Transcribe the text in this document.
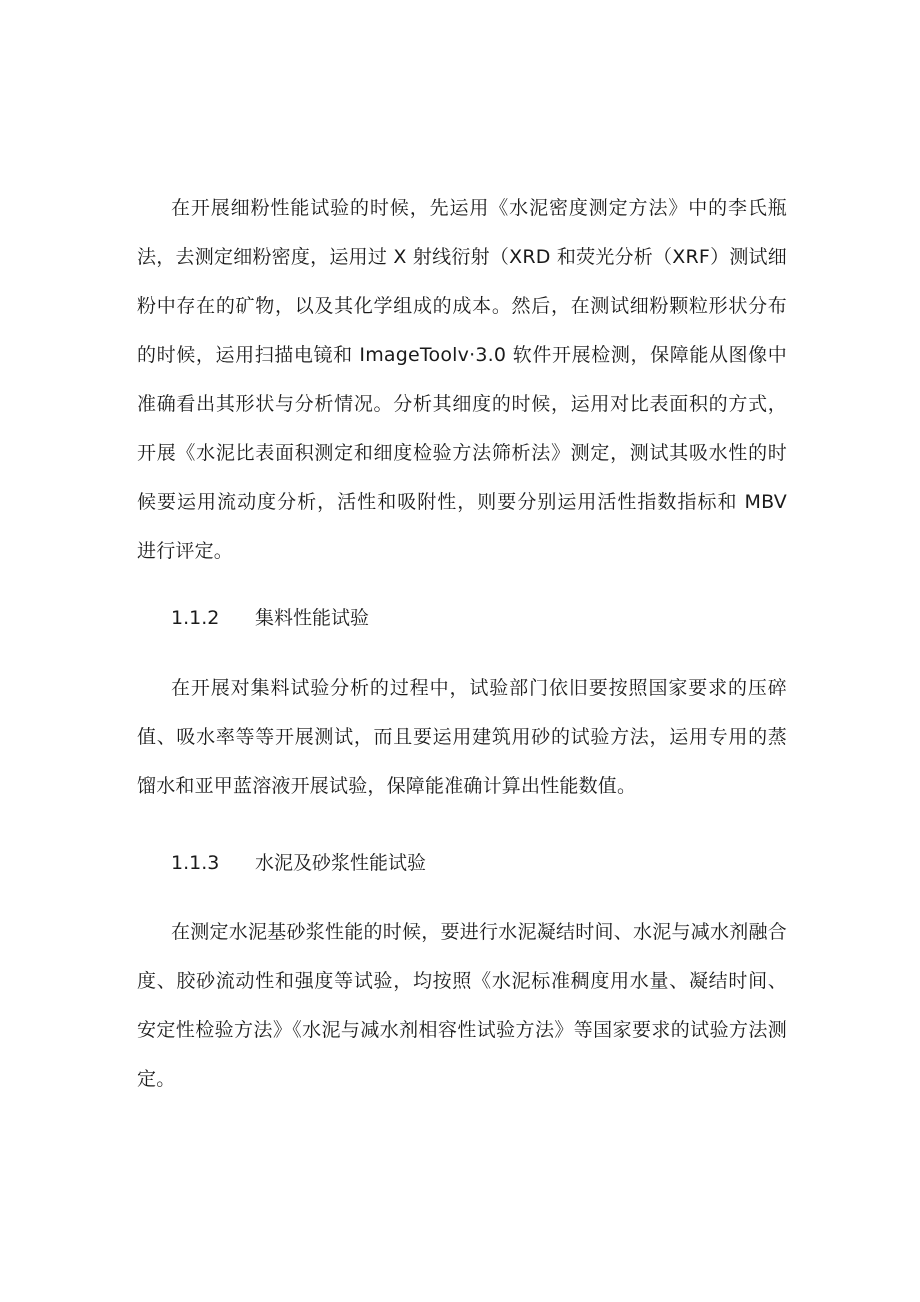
在开展细粉性能试验的时候，先运用《水泥密度测定方法》中的李氏瓶法，去测定细粉密度，运用过 X 射线衍射（XRD 和荧光分析（XRF）测试细粉中存在的矿物，以及其化学组成的成本。然后，在测试细粉颗粒形状分布的时候，运用扫描电镜和 ImageToolv·3.0 软件开展检测，保障能从图像中准确看出其形状与分析情况。分析其细度的时候，运用对比表面积的方式，开展《水泥比表面积测定和细度检验方法筛析法》测定，测试其吸水性的时候要运用流动度分析，活性和吸附性，则要分别运用活性指数指标和 MBV 进行评定。

1.1.2 集料性能试验

在开展对集料试验分析的过程中，试验部门依旧要按照国家要求的压碎值、吸水率等等开展测试，而且要运用建筑用砂的试验方法，运用专用的蒸馏水和亚甲蓝溶液开展试验，保障能准确计算出性能数值。

1.1.3 水泥及砂浆性能试验

在测定水泥基砂浆性能的时候，要进行水泥凝结时间、水泥与减水剂融合度、胶砂流动性和强度等试验，均按照《水泥标准稠度用水量、凝结时间、安定性检验方法》《水泥与减水剂相容性试验方法》等国家要求的试验方法测定。
